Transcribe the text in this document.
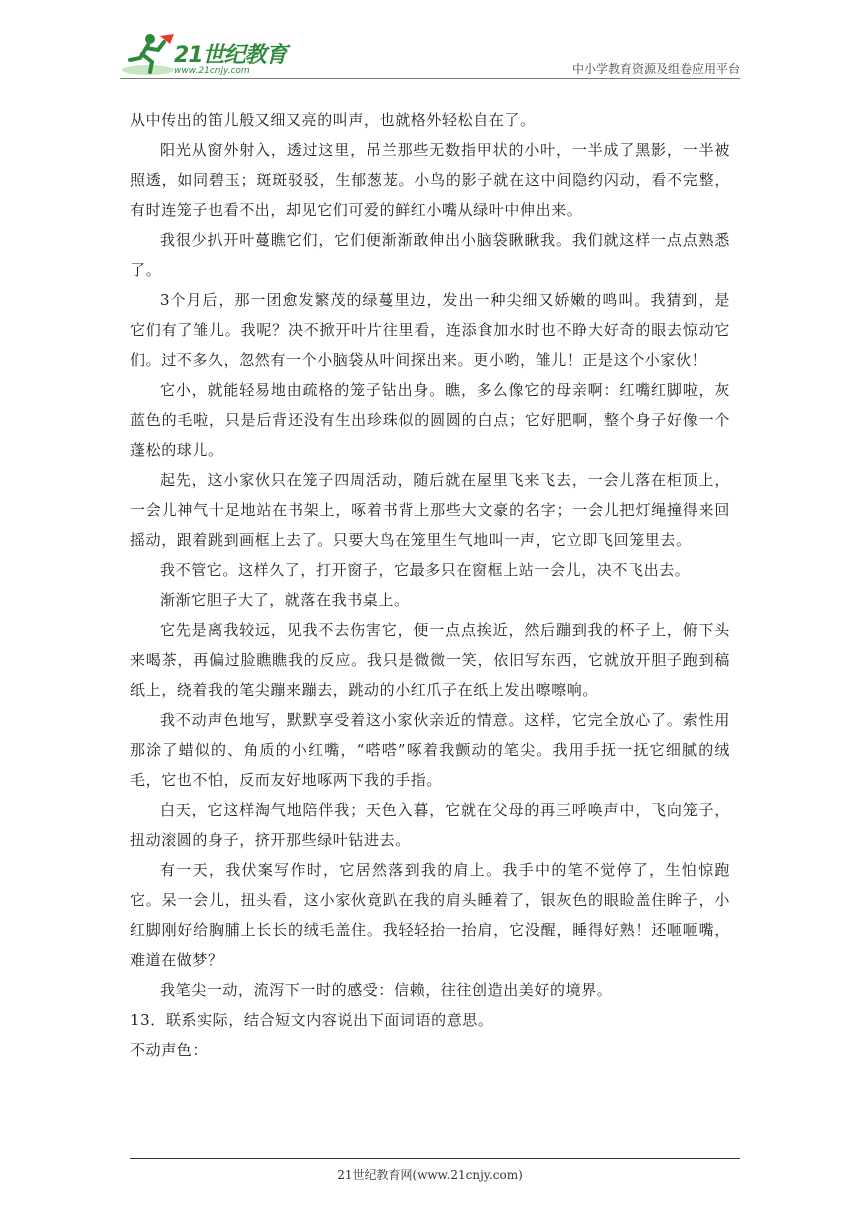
21世纪教育
www.21cnjy.com	中小学教育资源及组卷应用平台

从中传出的笛儿般又细又亮的叫声，也就格外轻松自在了。

阳光从窗外射入，透过这里，吊兰那些无数指甲状的小叶，一半成了黑影，一半被照透，如同碧玉；斑斑驳驳，生郁葱茏。小鸟的影子就在这中间隐约闪动，看不完整，有时连笼子也看不出，却见它们可爱的鲜红小嘴从绿叶中伸出来。

我很少扒开叶蔓瞧它们，它们便渐渐敢伸出小脑袋瞅瞅我。我们就这样一点点熟悉了。

3个月后，那一团愈发繁茂的绿蔓里边，发出一种尖细又娇嫩的鸣叫。我猜到，是它们有了雏儿。我呢？决不掀开叶片往里看，连添食加水时也不睁大好奇的眼去惊动它们。过不多久，忽然有一个小脑袋从叶间探出来。更小哟，雏儿！正是这个小家伙！

它小，就能轻易地由疏格的笼子钻出身。瞧，多么像它的母亲啊：红嘴红脚啦，灰蓝色的毛啦，只是后背还没有生出珍珠似的圆圆的白点；它好肥啊，整个身子好像一个蓬松的球儿。

起先，这小家伙只在笼子四周活动，随后就在屋里飞来飞去，一会儿落在柜顶上，一会儿神气十足地站在书架上，啄着书背上那些大文豪的名字；一会儿把灯绳撞得来回摇动，跟着跳到画框上去了。只要大鸟在笼里生气地叫一声，它立即飞回笼里去。

我不管它。这样久了，打开窗子，它最多只在窗框上站一会儿，决不飞出去。

渐渐它胆子大了，就落在我书桌上。

它先是离我较远，见我不去伤害它，便一点点挨近，然后蹦到我的杯子上，俯下头来喝茶，再偏过脸瞧瞧我的反应。我只是微微一笑，依旧写东西，它就放开胆子跑到稿纸上，绕着我的笔尖蹦来蹦去，跳动的小红爪子在纸上发出嚓嚓响。

我不动声色地写，默默享受着这小家伙亲近的情意。这样，它完全放心了。索性用那涂了蜡似的、角质的小红嘴，“嗒嗒”啄着我颤动的笔尖。我用手抚一抚它细腻的绒毛，它也不怕，反而友好地啄两下我的手指。

白天，它这样淘气地陪伴我；天色入暮，它就在父母的再三呼唤声中，飞向笼子，扭动滚圆的身子，挤开那些绿叶钻进去。

有一天，我伏案写作时，它居然落到我的肩上。我手中的笔不觉停了，生怕惊跑它。呆一会儿，扭头看，这小家伙竟趴在我的肩头睡着了，银灰色的眼睑盖住眸子，小红脚刚好给胸脯上长长的绒毛盖住。我轻轻抬一抬肩，它没醒，睡得好熟！还咂咂嘴，难道在做梦？

我笔尖一动，流泻下一时的感受：信赖，往往创造出美好的境界。

13．联系实际，结合短文内容说出下面词语的意思。

不动声色：

21世纪教育网(www.21cnjy.com)
